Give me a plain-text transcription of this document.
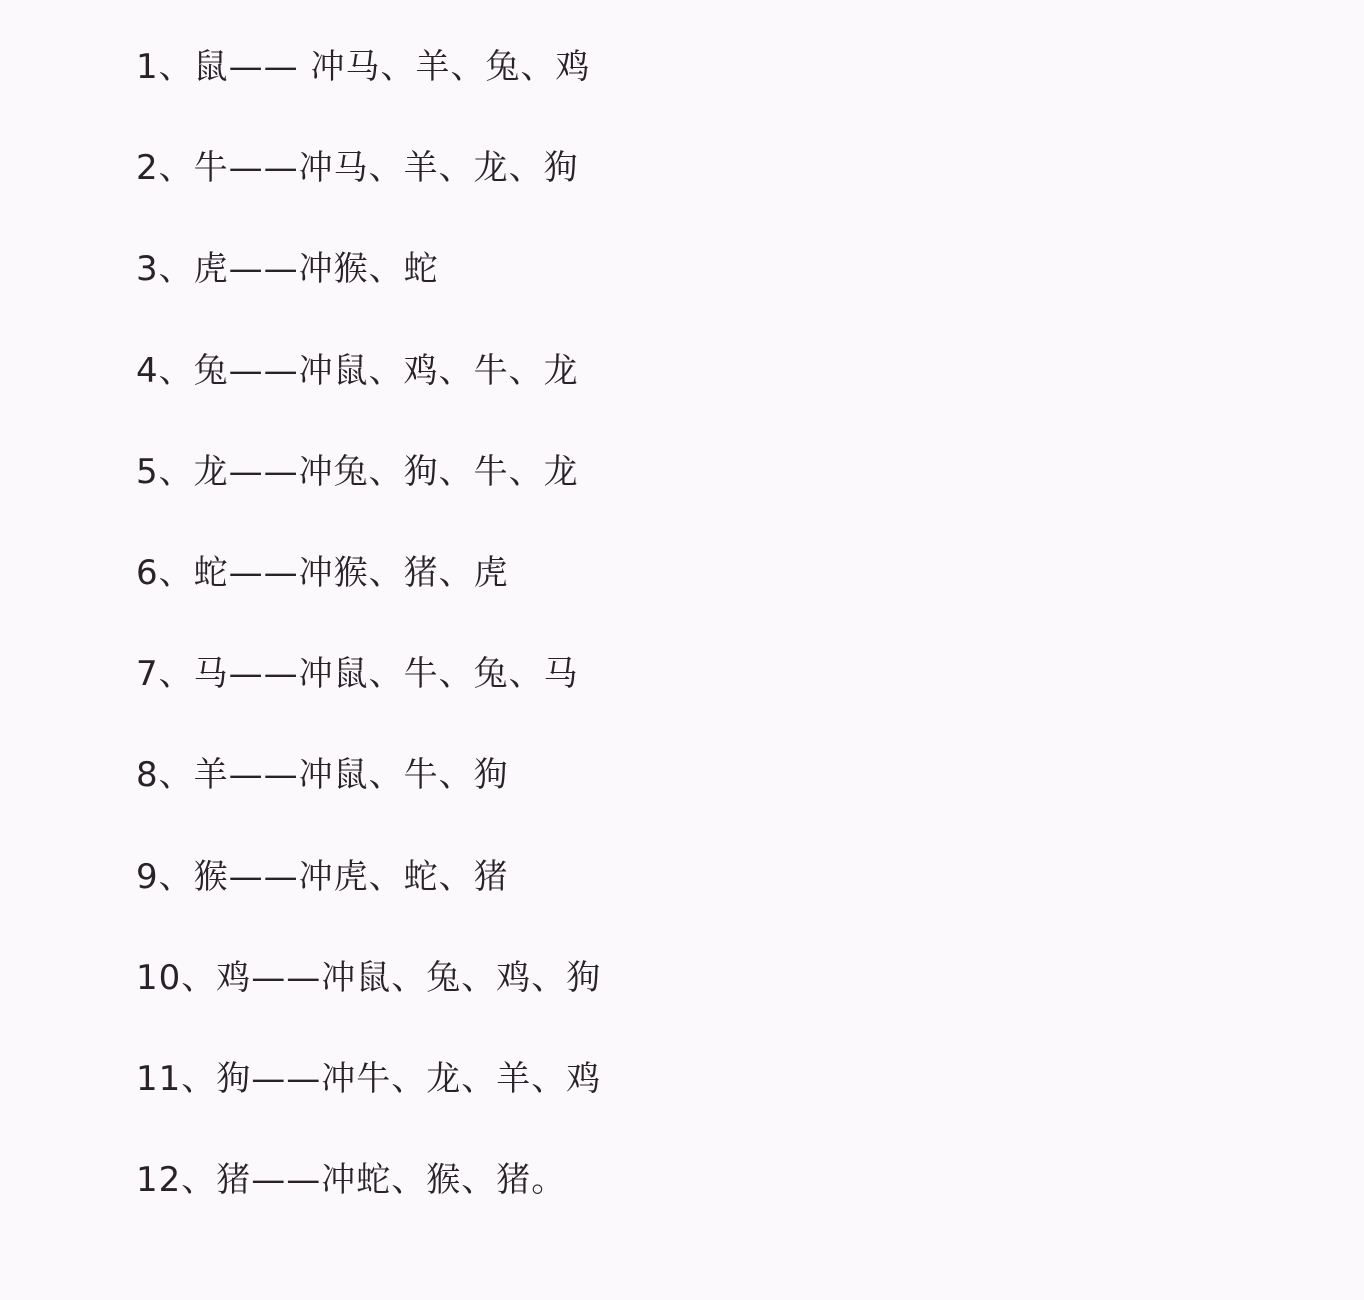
1、鼠—— 冲马、羊、兔、鸡
2、牛——冲马、羊、龙、狗
3、虎——冲猴、蛇
4、兔——冲鼠、鸡、牛、龙
5、龙——冲兔、狗、牛、龙
6、蛇——冲猴、猪、虎
7、马——冲鼠、牛、兔、马
8、羊——冲鼠、牛、狗
9、猴——冲虎、蛇、猪
10、鸡——冲鼠、兔、鸡、狗
11、狗——冲牛、龙、羊、鸡
12、猪——冲蛇、猴、猪。
